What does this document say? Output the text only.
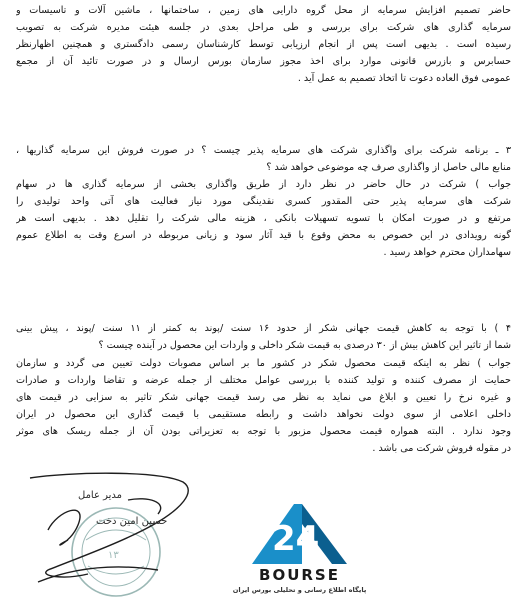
حاضر تصمیم افزایش سرمایه از محل گروه دارایی های زمین ، ساختمانها ، ماشین آلات و تاسیسات و
سرمایه گذاری های شرکت برای بررسی و طی مراحل بعدی در جلسه هیئت مدیره شرکت به تصویب
رسیده است . بدیهی است پس از انجام ارزیابی توسط کارشناسان رسمی دادگستری و همچنین اظهارنظر
حسابرس و بازرس قانونی موارد برای اخذ مجوز سازمان بورس ارسال و در صورت تائید آن از مجمع
عمومی فوق العاده دعوت تا اتخاذ تصمیم به عمل آید .
۳ ـ برنامه شرکت برای واگذاری شرکت های سرمایه پذیر چیست ؟ در صورت فروش این سرمایه گذاریها ،
منابع مالی حاصل از واگذاری صرف چه موضوعی خواهد شد ؟
جواب ) شرکت در حال حاضر در نظر دارد از طریق واگذاری بخشی از سرمایه گذاری ها در سهام
شرکت های سرمایه پذیر حتی المقدور کسری نقدینگی مورد نیاز فعالیت های آتی واحد تولیدی را
مرتفع و در صورت امکان با تسویه تسهیلات بانکی ، هزینه مالی شرکت را تقلیل دهد . بدیهی است هر
گونه رویدادی در این خصوص به محض وقوع با قید آثار سود و زیانی مربوطه در اسرع وقت به اطلاع عموم
سهامداران محترم خواهد رسید .
۴ ) با توجه به کاهش قیمت جهانی شکر از حدود ۱۶ سنت /پوند به کمتر از ۱۱ سنت /پوند ، پیش بینی
شما از تاثیر این کاهش بیش از ۳۰ درصدی به قیمت شکر داخلی و واردات این محصول در آینده چیست ؟
جواب ) نظر به اینکه قیمت محصول شکر در کشور ما بر اساس مصوبات دولت تعیین می گردد و سازمان
حمایت از مصرف کننده و تولید کننده با بررسی عوامل مختلف از جمله عرضه و تقاضا واردات و صادرات
و غیره نرخ را تعیین و ابلاغ می نماید به نظر می رسد قیمت جهانی شکر تاثیر به سزایی در قیمت های
داخلی اعلامی از سوی دولت نخواهد داشت و رابطه مستقیمی با قیمت گذاری این محصول در ایران
وجود ندارد . البته همواره قیمت محصول مزبور با توجه به تعزیراتی بودن آن از جمله ریسک های موثر
در مقوله فروش شرکت می باشد .
۱۳
مدیر عامل
حسین امین دخت	24
BOURSE
پایگاه اطلاع رسانی و تحلیلی بورس ایران
